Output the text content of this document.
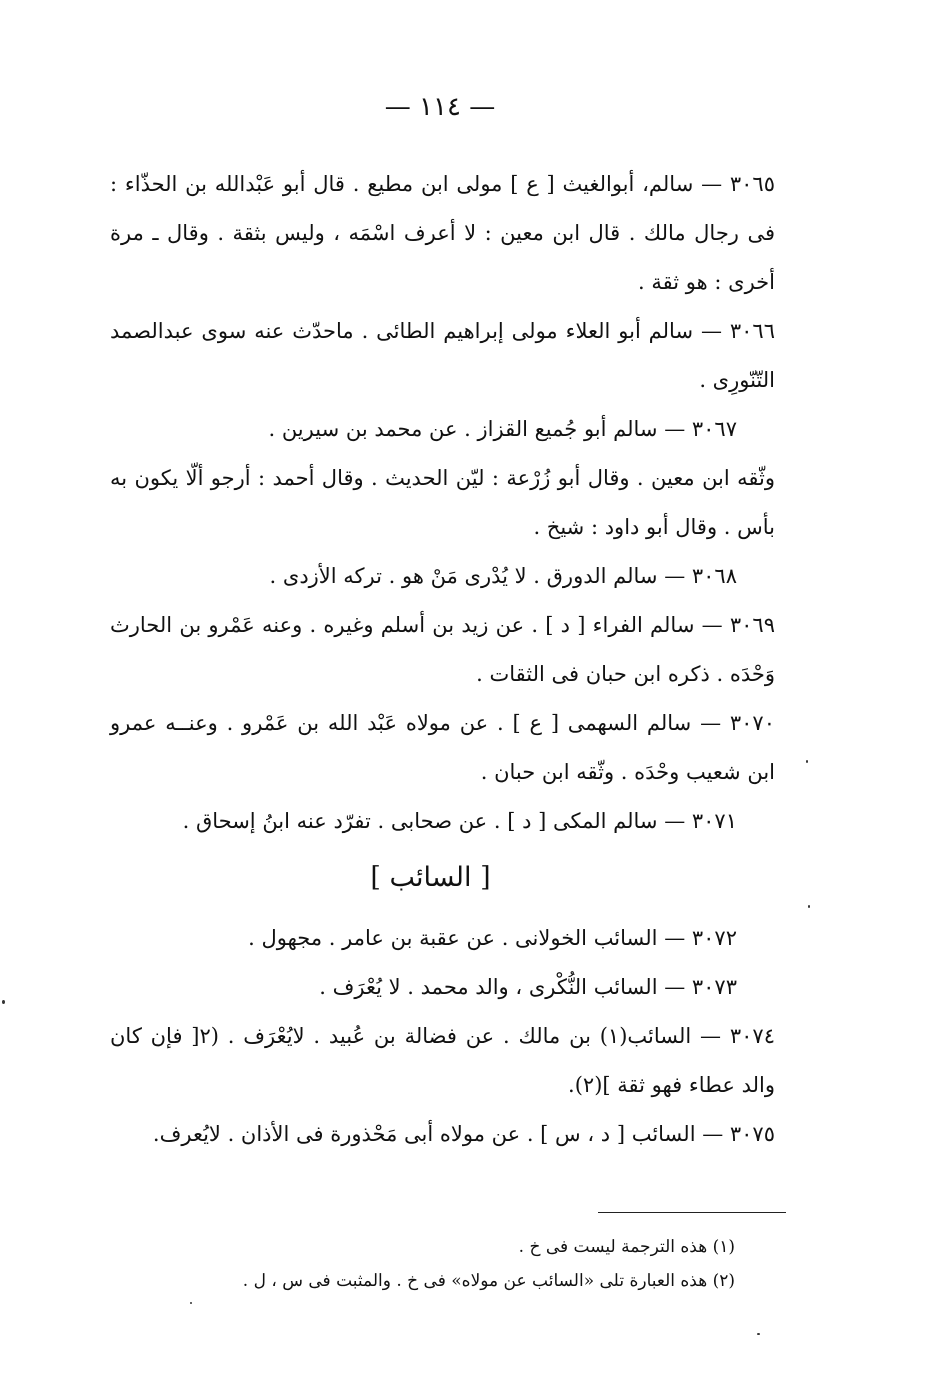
— ١١٤ —

٣٠٦٥ — سالم، أبوالغيث [ ع ] مولى ابن مطيع . قال أبو عَبْدالله بن الحذّاء : فى رجال مالك . قال ابن معين : لا أعرف اسْمَه ، وليس بثقة . وقال ـ مرة أخرى : هو ثقة .

٣٠٦٦ — سالم أبو العلاء مولى إبراهيم الطائى . ماحدّث عنه سوى عبدالصمد التّنّورِى .

٣٠٦٧ — سالم أبو جُميع القزاز . عن محمد بن سيرين .

وثّقه ابن معين . وقال أبو زُرْعة : ليّن الحديث . وقال أحمد : أرجو ألّا يكون به بأس . وقال أبو داود : شيخ .

٣٠٦٨ — سالم الدورق . لا يُدْرى مَنْ هو . تركه الأزدى .

٣٠٦٩ — سالم الفراء [ د ] . عن زيد بن أسلم وغيره . وعنه عَمْرو بن الحارث وَحْدَه . ذكره ابن حبان فى الثقات .

٣٠٧٠ — سالم السهمى [ ع ] . عن مولاه عَبْد الله بن عَمْرو . وعنــه عمرو ابن شعيب وحْدَه . وثّقه ابن حبان .

٣٠٧١ — سالم المكى [ د ] . عن صحابى . تفرّد عنه ابنُ إسحاق .

[ السائب ]

٣٠٧٢ — السائب الخولانى . عن عقبة بن عامر . مجهول .

٣٠٧٣ — السائب النُّكْرى ، والد محمد . لا يُعْرَف .

٣٠٧٤ — السائب(١) بن مالك . عن فضالة بن عُبيد . لايُعْرَف . (٢[ فإن كان والد عطاء فهو ثقة ](٢).

٣٠٧٥ — السائب [ د ، س ] . عن مولاه أبى مَحْذورة فى الأذان . لايُعرف.

(١) هذه الترجمة ليست فى خ .

(٢) هذه العبارة تلى «السائب عن مولاه» فى خ . والمثبت فى س ، ل .
